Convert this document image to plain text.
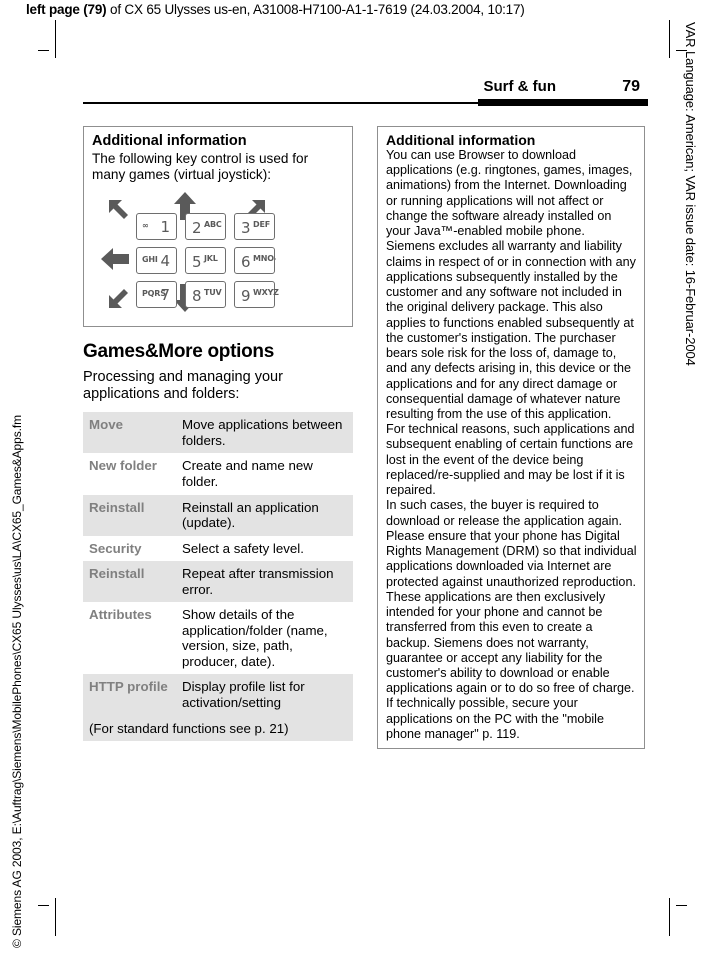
left page (79) of CX 65 Ulysses us-en, A31008-H7100-A1-1-7619 (24.03.2004, 10:17)
VAR Language: American; VAR issue date: 16-Februar-2004
© Siemens AG 2003, E:\Auftrag\Siemens\MobilePhones\CX65 Ulysses\us\LA\CX65_Games&Apps.fm
Surf & fun	79
Additional information
The following key control is used for many games (virtual joystick):
∞ 1 2 ABC 3 DEF
GHI 4 5 JKL 6 MNO
PQRS
7 8 TUV 9 WXYZ
Games&More options

Processing and managing your applications and folders:

Move	Move applications between folders.
New folder	Create and name new folder.
Reinstall	Reinstall an application (update).
Security	Select a safety level.
Reinstall	Repeat after transmission error.
Attributes	Show details of the application/folder (name, version, size, path, producer, date).
HTTP profile	Display profile list for activation/setting
(For standard functions see p. 21)	
Additional information

You can use Browser to download applications (e.g. ringtones, games, images, animations) from the Internet. Downloading or running applications will not affect or change the software already installed on your Java™-enabled mobile phone. Siemens excludes all warranty and liability claims in respect of or in connection with any applications subsequently installed by the customer and any software not included in the original delivery package. This also applies to functions enabled subsequently at the customer's instigation. The purchaser bears sole risk for the loss of, damage to, and any defects arising in, this device or the applications and for any direct damage or consequential damage of whatever nature resulting from the use of this application.

For technical reasons, such applications and subsequent enabling of certain functions are lost in the event of the device being replaced/re-supplied and may be lost if it is repaired.

In such cases, the buyer is required to download or release the application again. Please ensure that your phone has Digital Rights Management (DRM) so that individual applications downloaded via Internet are protected against unauthorized reproduction. These applications are then exclusively intended for your phone and cannot be transferred from this even to create a backup. Siemens does not warranty, guarantee or accept any liability for the customer's ability to download or enable applications again or to do so free of charge. If technically possible, secure your applications on the PC with the "mobile phone manager" p. 119.
